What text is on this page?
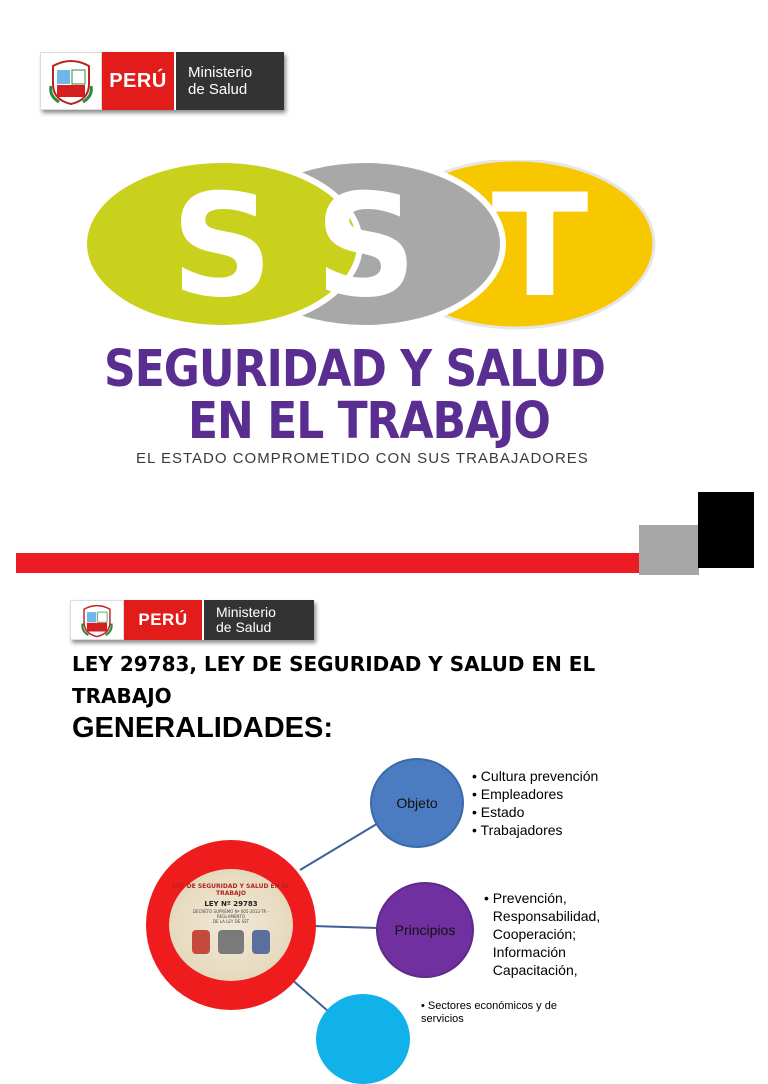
PERÚ	Ministerio
de Salud
S S T
SEGURIDAD Y SALUD
EN EL TRABAJO
EL ESTADO COMPROMETIDO CON SUS TRABAJADORES
PERÚ	Ministerio
de Salud
LEY 29783, LEY DE SEGURIDAD Y SALUD EN EL TRABAJO
GENERALIDADES:
LEY DE SEGURIDAD Y SALUD EN EL
TRABAJO
LEY Nº 29783
DECRETO SUPREMO Nº 005-2012-TR - REGLAMENTO
DE LA LEY DE SST
Objeto
• Cultura prevención
• Empleadores
• Estado
• Trabajadores
Principios
• Prevención, Responsabilidad, Cooperación; Información Capacitación,
• Sectores económicos y de servicios
